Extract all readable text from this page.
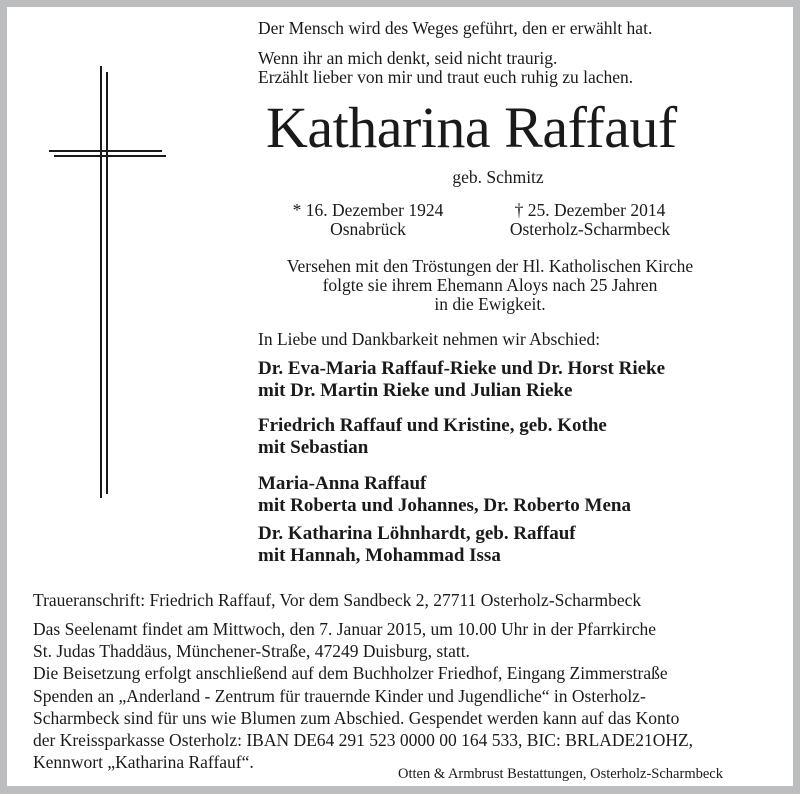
Der Mensch wird des Weges geführt, den er erwählt hat.
Wenn ihr an mich denkt, seid nicht traurig.
Erzählt lieber von mir und traut euch ruhig zu lachen.
Katharina Raffauf
geb. Schmitz
* 16. Dezember 1924
Osnabrück
† 25. Dezember 2014
Osterholz-Scharmbeck
Versehen mit den Tröstungen der Hl. Katholischen Kirche
folgte sie ihrem Ehemann Aloys nach 25 Jahren
in die Ewigkeit.
In Liebe und Dankbarkeit nehmen wir Abschied:
Dr. Eva-Maria Raffauf-Rieke und Dr. Horst Rieke
mit Dr. Martin Rieke und Julian Rieke
Friedrich Raffauf und Kristine, geb. Kothe
mit Sebastian
Maria-Anna Raffauf
mit Roberta und Johannes, Dr. Roberto Mena
Dr. Katharina Löhnhardt, geb. Raffauf
mit Hannah, Mohammad Issa
Traueranschrift: Friedrich Raffauf, Vor dem Sandbeck 2, 27711 Osterholz-Scharmbeck
Das Seelenamt findet am Mittwoch, den 7. Januar 2015, um 10.00 Uhr in der Pfarrkirche
St. Judas Thaddäus, Münchener-Straße, 47249 Duisburg, statt.
Die Beisetzung erfolgt anschließend auf dem Buchholzer Friedhof, Eingang Zimmerstraße
Spenden an „Anderland - Zentrum für trauernde Kinder und Jugendliche“ in Osterholz-
Scharmbeck sind für uns wie Blumen zum Abschied. Gespendet werden kann auf das Konto
der Kreissparkasse Osterholz: IBAN DE64 291 523 0000 00 164 533, BIC: BRLADE21OHZ,
Kennwort „Katharina Raffauf“.
Otten & Armbrust Bestattungen, Osterholz-Scharmbeck
